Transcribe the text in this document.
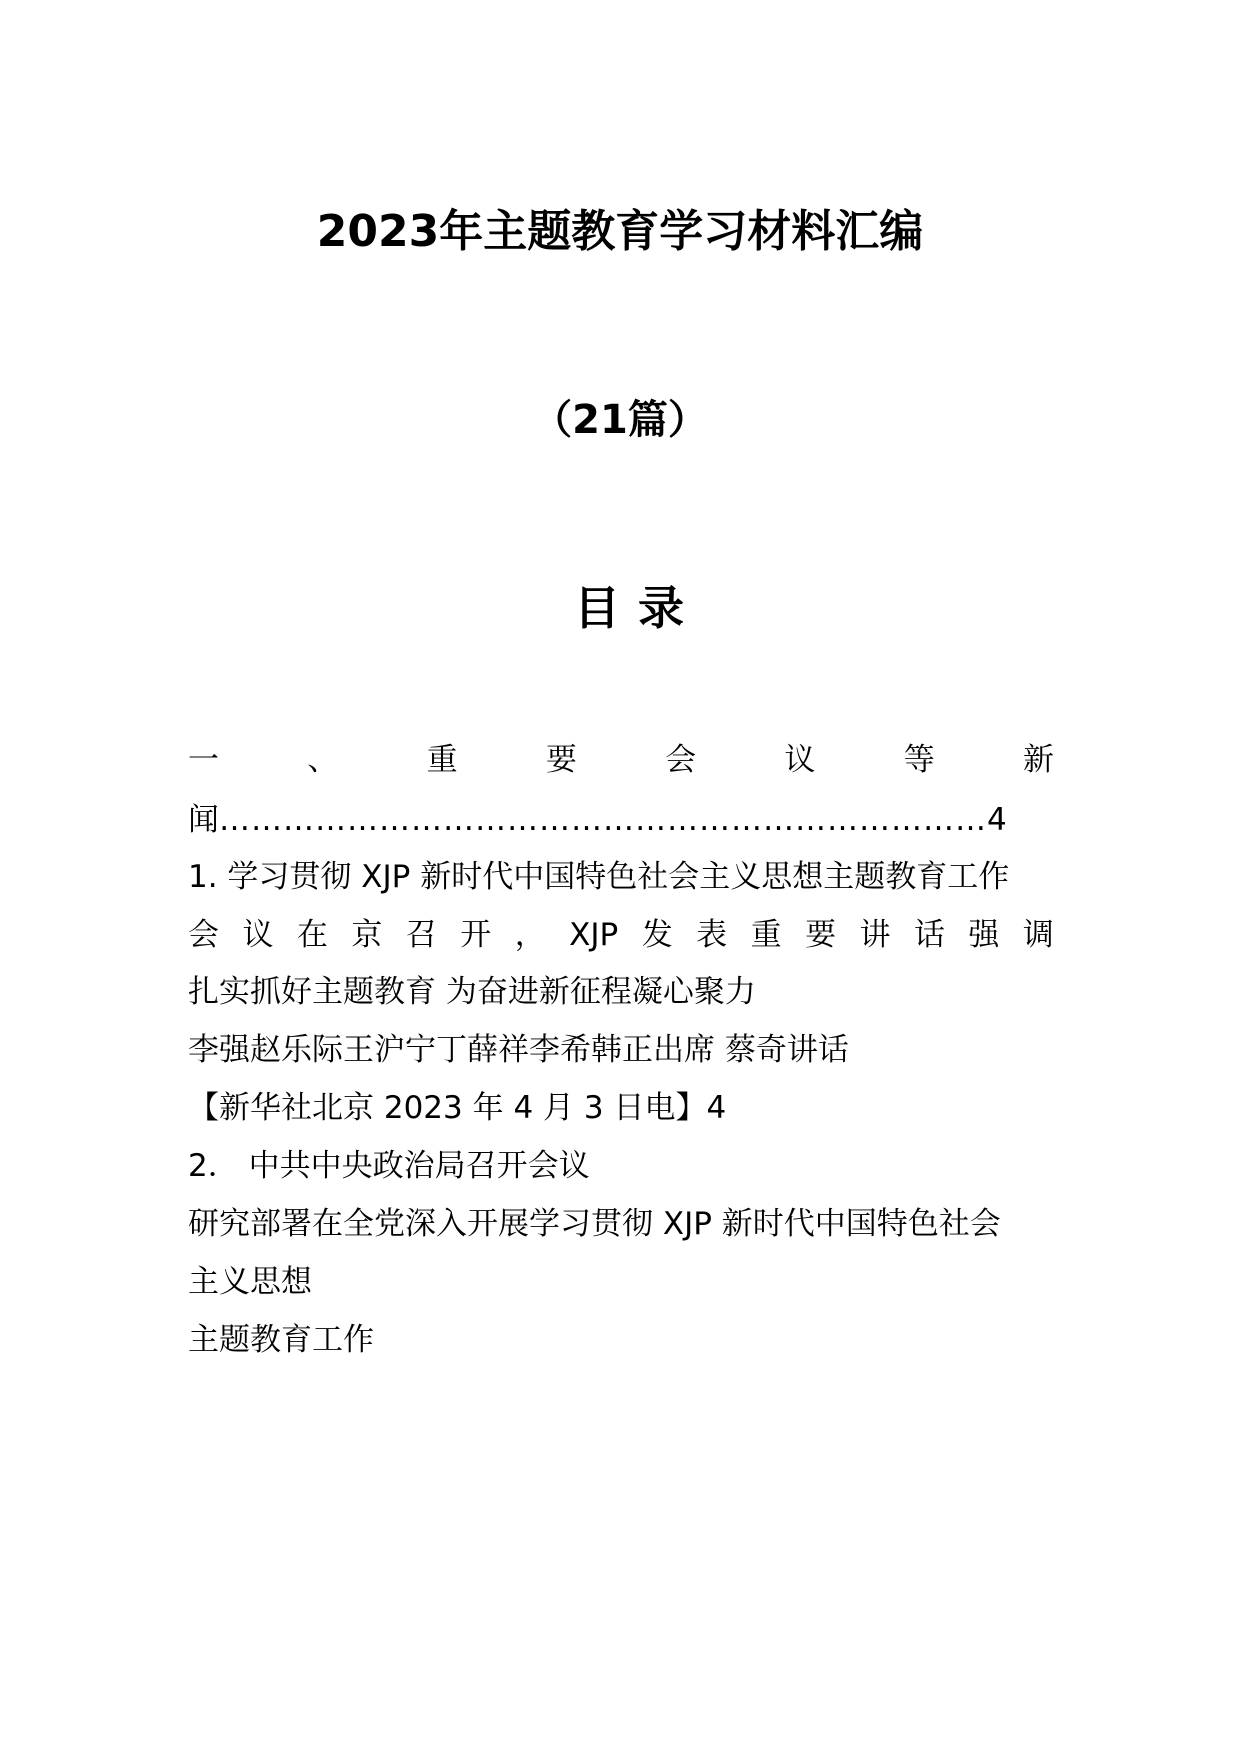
2023年主题教育学习材料汇编
（21篇）
目录
一	、	重	要	会	议	等	新
闻 ……………………………………………………………… 4
1. 学习贯彻 XJP 新时代中国特色社会主义思想主题教育工作
会 议 在 京 召 开 ， XJP 发 表 重 要 讲 话 强 调
扎实抓好主题教育 为奋进新征程凝心聚力
李强赵乐际王沪宁丁薛祥李希韩正出席 蔡奇讲话
【新华社北京 2023 年 4 月 3 日电】4
2． 中共中央政治局召开会议
研究部署在全党深入开展学习贯彻 XJP 新时代中国特色社会
主义思想
主题教育工作
